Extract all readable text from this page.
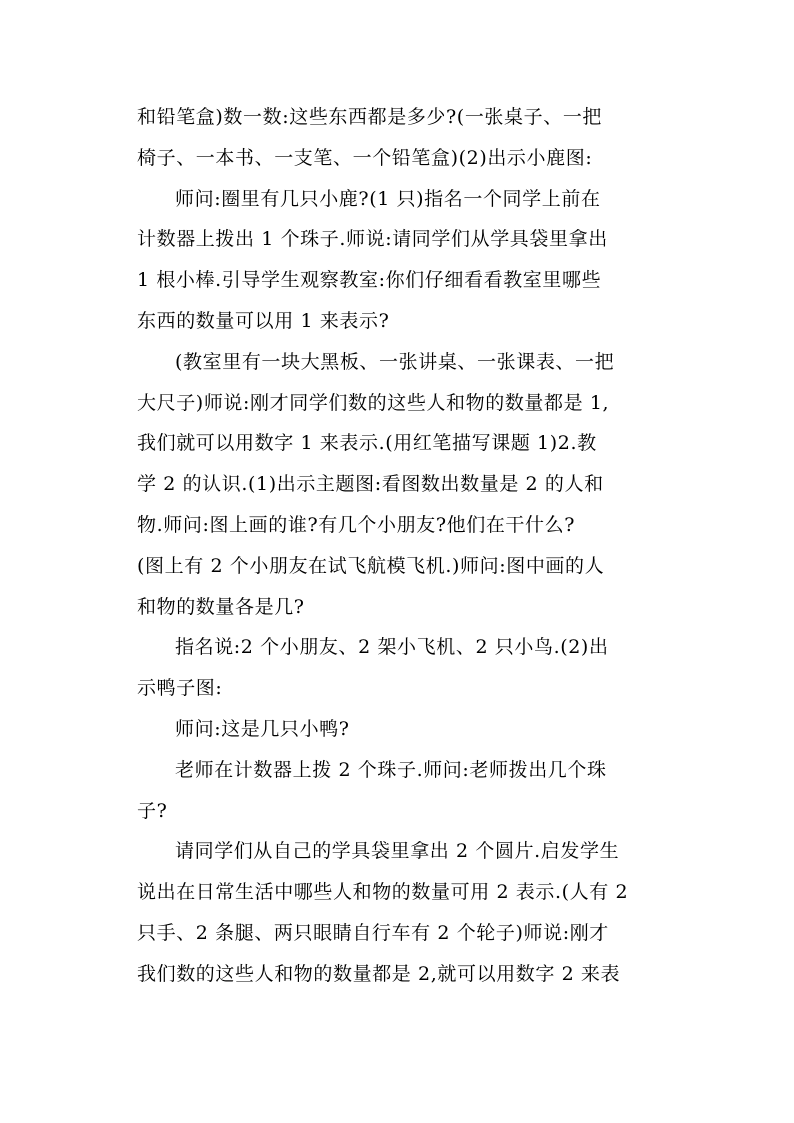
和铅笔盒)数一数:这些东西都是多少?(一张桌子、一把
椅子、一本书、一支笔、一个铅笔盒)(2)出示小鹿图:
师问:圈里有几只小鹿?(1 只)指名一个同学上前在
计数器上拨出 1 个珠子.师说:请同学们从学具袋里拿出
1 根小棒.引导学生观察教室:你们仔细看看教室里哪些
东西的数量可以用 1 来表示?
(教室里有一块大黑板、一张讲桌、一张课表、一把
大尺子)师说:刚才同学们数的这些人和物的数量都是 1,
我们就可以用数字 1 来表示.(用红笔描写课题 1)2.教
学 2 的认识.(1)出示主题图:看图数出数量是 2 的人和
物.师问:图上画的谁?有几个小朋友?他们在干什么?
(图上有 2 个小朋友在试飞航模飞机.)师问:图中画的人
和物的数量各是几?
指名说:2 个小朋友、2 架小飞机、2 只小鸟.(2)出
示鸭子图:
师问:这是几只小鸭?
老师在计数器上拨 2 个珠子.师问:老师拨出几个珠
子?
请同学们从自己的学具袋里拿出 2 个圆片.启发学生
说出在日常生活中哪些人和物的数量可用 2 表示.(人有 2
只手、2 条腿、两只眼睛自行车有 2 个轮子)师说:刚才
我们数的这些人和物的数量都是 2,就可以用数字 2 来表
